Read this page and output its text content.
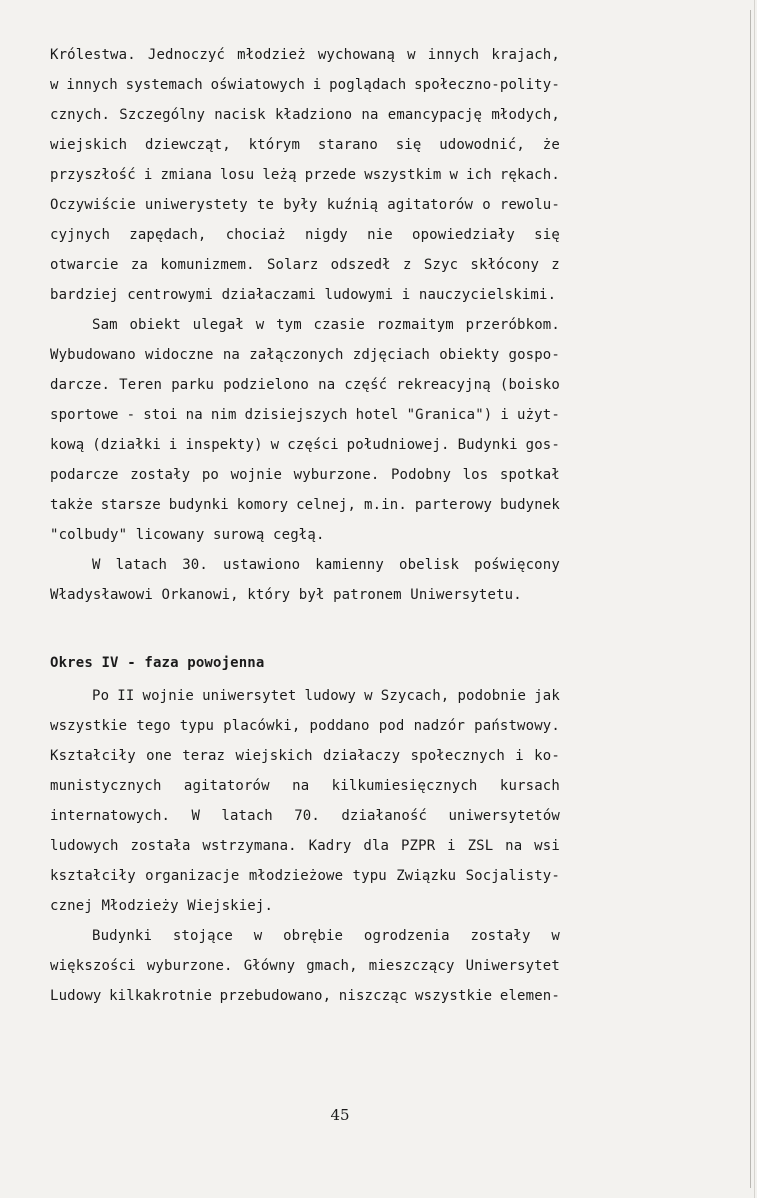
Królestwa. Jednoczyć młodzież wychowaną w innych krajach,
w innych systemach oświatowych i poglądach społeczno-polity-
cznych. Szczególny nacisk kładziono na emancypację młodych,
wiejskich dziewcząt, którym starano się udowodnić, że
przyszłość i zmiana losu leżą przede wszystkim w ich rękach.
Oczywiście uniwerystety te były kuźnią agitatorów o rewolu-
cyjnych zapędach, chociaż nigdy nie opowiedziały się
otwarcie za komunizmem. Solarz odszedł z Szyc skłócony z
bardziej centrowymi działaczami ludowymi i nauczycielskimi.
Sam obiekt ulegał w tym czasie rozmaitym przeróbkom.
Wybudowano widoczne na załączonych zdjęciach obiekty gospo-
darcze. Teren parku podzielono na część rekreacyjną (boisko
sportowe - stoi na nim dzisiejszych hotel "Granica") i użyt-
kową (działki i inspekty) w części południowej. Budynki gos-
podarcze zostały po wojnie wyburzone. Podobny los spotkał
także starsze budynki komory celnej, m.in. parterowy budynek
"colbudy" licowany surową cegłą.
W latach 30. ustawiono kamienny obelisk poświęcony
Władysławowi Orkanowi, który był patronem Uniwersytetu.
Okres IV - faza powojenna
Po II wojnie uniwersytet ludowy w Szycach, podobnie jak
wszystkie tego typu placówki, poddano pod nadzór państwowy.
Kształciły one teraz wiejskich działaczy społecznych i ko-
munistycznych agitatorów na kilkumiesięcznych kursach
internatowych. W latach 70. działaność uniwersytetów
ludowych została wstrzymana. Kadry dla PZPR i ZSL na wsi
kształciły organizacje młodzieżowe typu Związku Socjalisty-
cznej Młodzieży Wiejskiej.
Budynki stojące w obrębie ogrodzenia zostały w
większości wyburzone. Główny gmach, mieszczący Uniwersytet
Ludowy kilkakrotnie przebudowano, niszcząc wszystkie elemen-
45
